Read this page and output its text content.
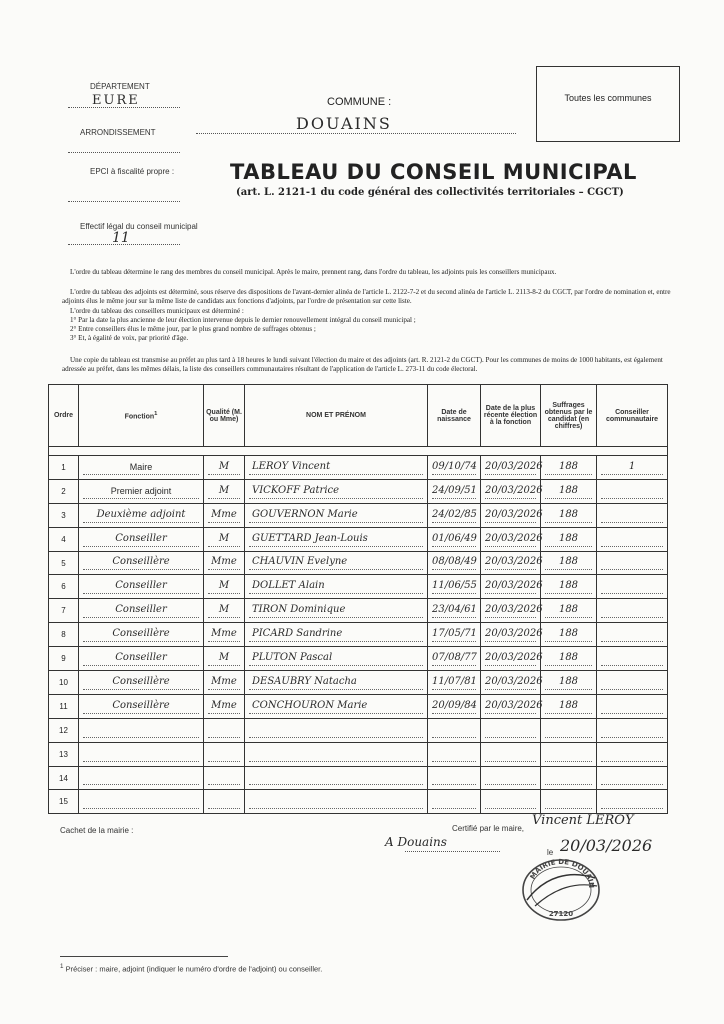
DÉPARTEMENT
EURE
ARRONDISSEMENT
EPCI à fiscalité propre :
Effectif légal du conseil municipal
11
COMMUNE :
DOUAINS
Toutes les communes
TABLEAU DU CONSEIL MUNICIPAL
(art. L. 2121-1 du code général des collectivités territoriales – CGCT)
L'ordre du tableau détermine le rang des membres du conseil municipal. Après le maire, prennent rang, dans l'ordre du tableau, les adjoints puis les conseillers municipaux.
L'ordre du tableau des adjoints est déterminé, sous réserve des dispositions de l'avant-dernier alinéa de l'article L. 2122-7-2 et du second alinéa de l'article L. 2113-8-2 du CGCT, par l'ordre de nomination et, entre adjoints élus le même jour sur la même liste de candidats aux fonctions d'adjoints, par l'ordre de présentation sur cette liste.
L'ordre du tableau des conseillers municipaux est déterminé :
1° Par la date la plus ancienne de leur élection intervenue depuis le dernier renouvellement intégral du conseil municipal ;
2° Entre conseillers élus le même jour, par le plus grand nombre de suffrages obtenus ;
3° Et, à égalité de voix, par priorité d'âge.
Une copie du tableau est transmise au préfet au plus tard à 18 heures le lundi suivant l'élection du maire et des adjoints (art. R. 2121-2 du CGCT). Pour les communes de moins de 1000 habitants, est également adressée au préfet, dans les mêmes délais, la liste des conseillers communautaires résultant de l'application de l'article L. 273-11 du code électoral.
Ordre	Fonction$^1$	Qualité (M. ou Mme)	NOM ET PRÉNOM	Date de naissance	Date de la plus récente élection à la fonction	Suffrages obtenus par le candidat (en chiffres)	Conseiller communautaire

1	Maire	M	LEROY Vincent	09/10/74	20/03/2026	188	1

2	Premier adjoint	M	VICKOFF Patrice	24/09/51	20/03/2026	188	

3	Deuxième adjoint	Mme	GOUVERNON Marie	24/02/85	20/03/2026	188	

4	Conseiller	M	GUETTARD Jean-Louis	01/06/49	20/03/2026	188	

5	Conseillère	Mme	CHAUVIN Evelyne	08/08/49	20/03/2026	188	

6	Conseiller	M	DOLLET Alain	11/06/55	20/03/2026	188	

7	Conseiller	M	TIRON Dominique	23/04/61	20/03/2026	188	

8	Conseillère	Mme	PICARD Sandrine	17/05/71	20/03/2026	188	

9	Conseiller	M	PLUTON Pascal	07/08/77	20/03/2026	188	

10	Conseillère	Mme	DESAUBRY Natacha	11/07/81	20/03/2026	188	

11	Conseillère	Mme	CONCHOURON Marie	20/09/84	20/03/2026	188	

12	

13	

14	

15	

Cachet de la mairie :	Certifié par le maire,
Vincent LEROY
A Douains
le 20/03/2026
MAIRIE DE DOUAIN
27120
$^1$ Préciser : maire, adjoint (indiquer le numéro d'ordre de l'adjoint) ou conseiller.
